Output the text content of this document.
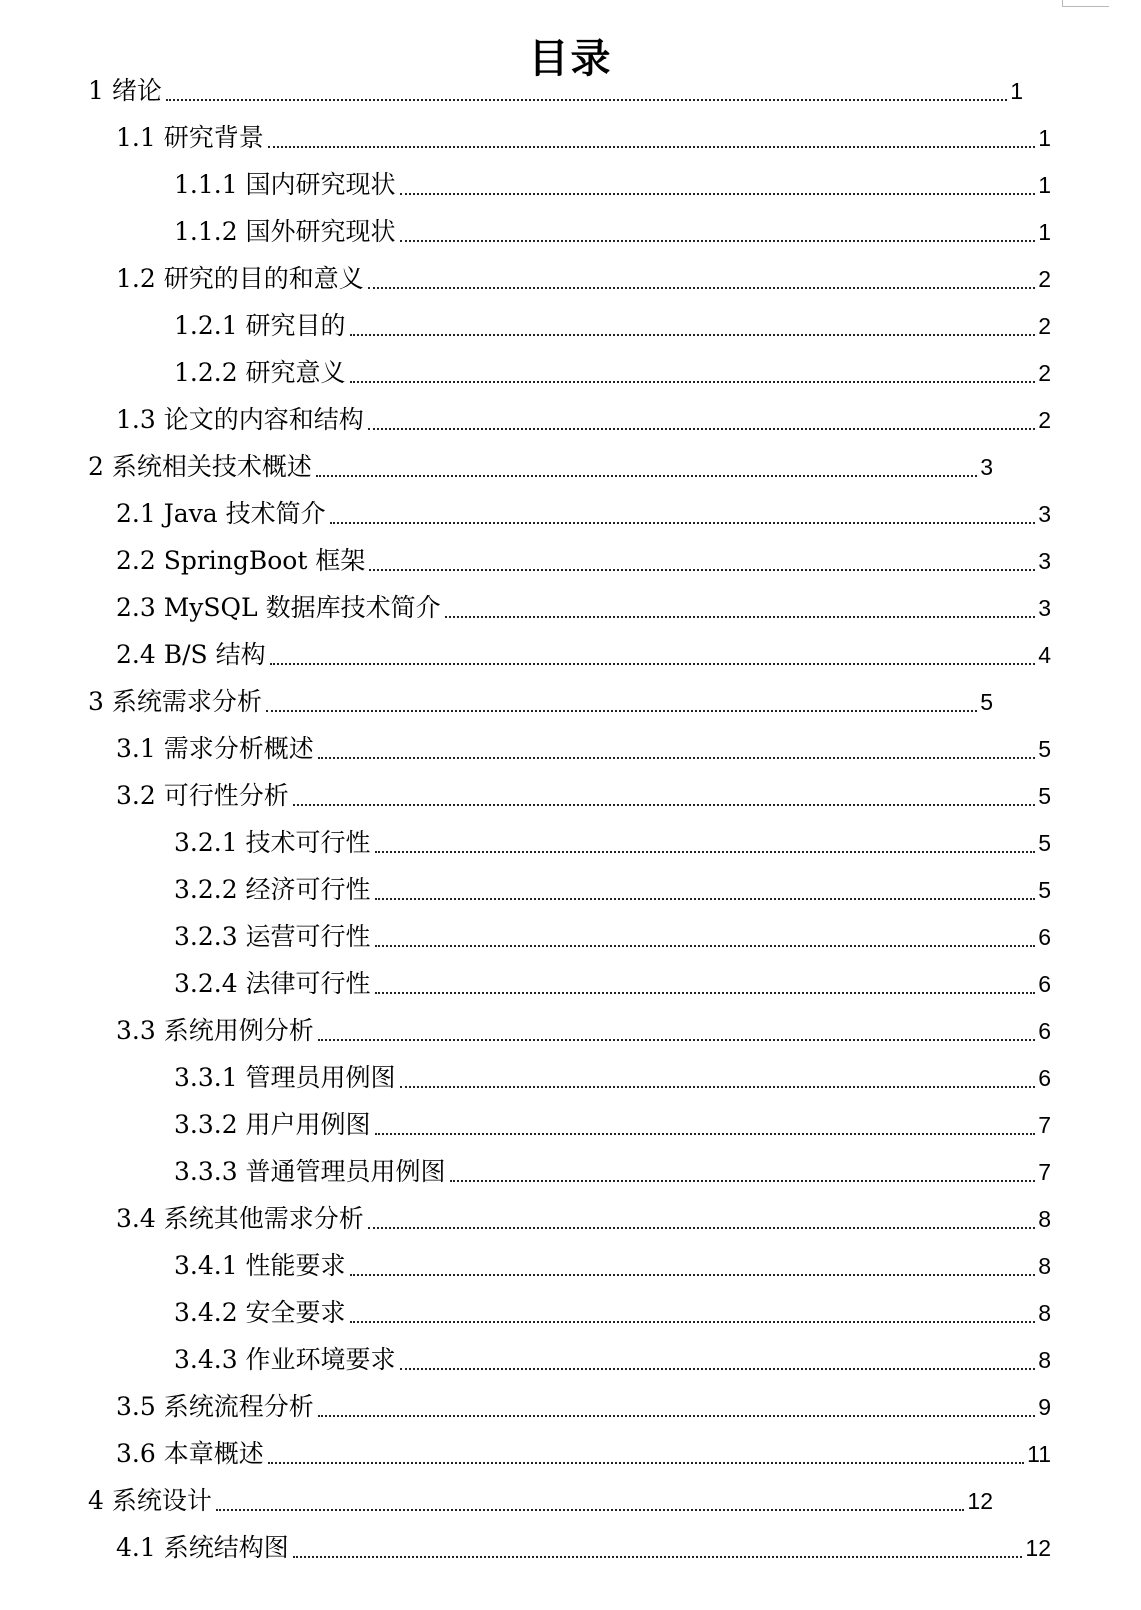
目录
1 绪论	1
1.1 研究背景	1
1.1.1 国内研究现状	1
1.1.2 国外研究现状	1
1.2 研究的目的和意义	2
1.2.1 研究目的	2
1.2.2 研究意义	2
1.3 论文的内容和结构	2
2 系统相关技术概述	3
2.1 Java 技术简介	3
2.2 SpringBoot 框架	3
2.3 MySQL 数据库技术简介	3
2.4 B/S 结构	4
3 系统需求分析	5
3.1 需求分析概述	5
3.2 可行性分析	5
3.2.1 技术可行性	5
3.2.2 经济可行性	5
3.2.3 运营可行性	6
3.2.4 法律可行性	6
3.3 系统用例分析	6
3.3.1 管理员用例图	6
3.3.2 用户用例图	7
3.3.3 普通管理员用例图	7
3.4 系统其他需求分析	8
3.4.1 性能要求	8
3.4.2 安全要求	8
3.4.3 作业环境要求	8
3.5 系统流程分析	9
3.6 本章概述	11
4 系统设计	12
4.1 系统结构图	12
